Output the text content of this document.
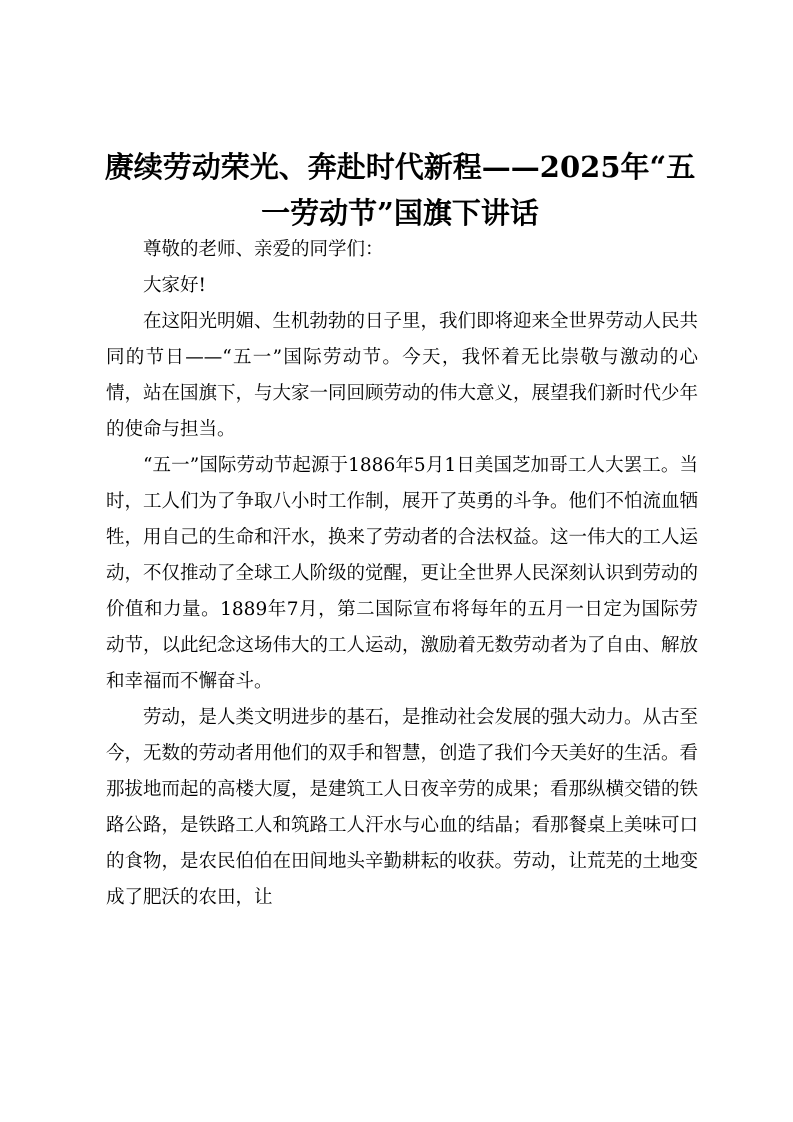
赓续劳动荣光、奔赴时代新程——2025年“五一劳动节”国旗下讲话

尊敬的老师、亲爱的同学们：

大家好!

在这阳光明媚、生机勃勃的日子里，我们即将迎来全世界劳动人民共同的节日——“五一”国际劳动节。今天，我怀着无比崇敬与激动的心情，站在国旗下，与大家一同回顾劳动的伟大意义，展望我们新时代少年的使命与担当。

“五一”国际劳动节起源于1886年5月1日美国芝加哥工人大罢工。当时，工人们为了争取八小时工作制，展开了英勇的斗争。他们不怕流血牺牲，用自己的生命和汗水，换来了劳动者的合法权益。这一伟大的工人运动，不仅推动了全球工人阶级的觉醒，更让全世界人民深刻认识到劳动的价值和力量。1889年7月，第二国际宣布将每年的五月一日定为国际劳动节，以此纪念这场伟大的工人运动，激励着无数劳动者为了自由、解放和幸福而不懈奋斗。

劳动，是人类文明进步的基石，是推动社会发展的强大动力。从古至今，无数的劳动者用他们的双手和智慧，创造了我们今天美好的生活。看那拔地而起的高楼大厦，是建筑工人日夜辛劳的成果；看那纵横交错的铁路公路，是铁路工人和筑路工人汗水与心血的结晶；看那餐桌上美味可口的食物，是农民伯伯在田间地头辛勤耕耘的收获。劳动，让荒芜的土地变成了肥沃的农田，让
